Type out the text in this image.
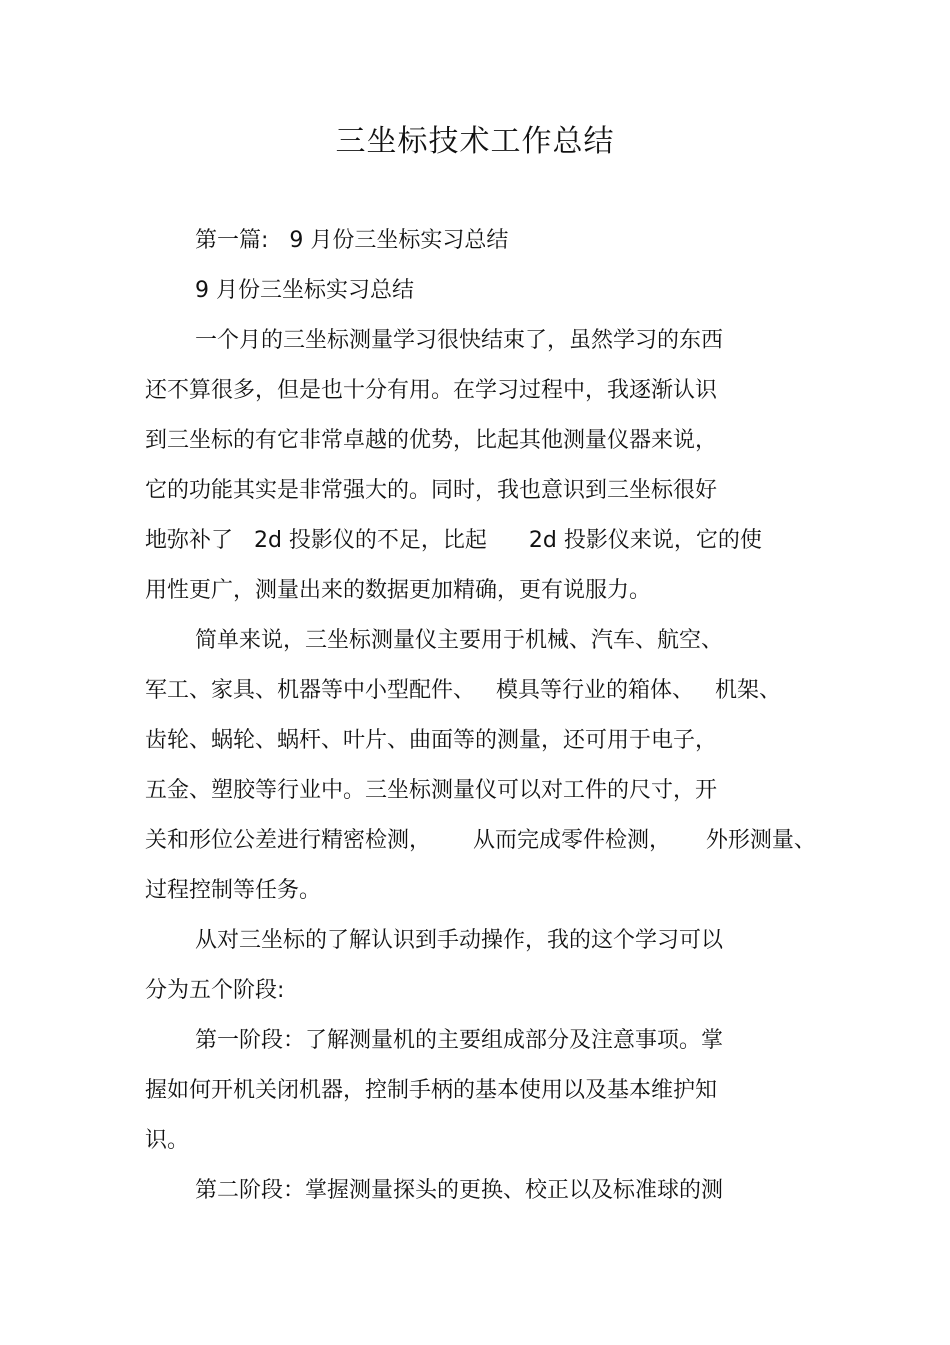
三坐标技术工作总结
第一篇:   9 月份三坐标实习总结
9 月份三坐标实习总结
一个月的三坐标测量学习很快结束了，虽然学习的东西
还不算很多，但是也十分有用。在学习过程中，我逐渐认识
到三坐标的有它非常卓越的优势，比起其他测量仪器来说，
它的功能其实是非常强大的。同时，我也意识到三坐标很好
地弥补了   2d 投影仪的不足，比起      2d 投影仪来说，它的使
用性更广，测量出来的数据更加精确，更有说服力。
简单来说，三坐标测量仪主要用于机械、汽车、航空、
军工、家具、机器等中小型配件、   模具等行业的箱体、   机架、
齿轮、蜗轮、蜗杆、叶片、曲面等的测量，还可用于电子，
五金、塑胶等行业中。三坐标测量仪可以对工件的尺寸，开
关和形位公差进行精密检测，      从而完成零件检测，     外形测量、
过程控制等任务。
从对三坐标的了解认识到手动操作，我的这个学习可以
分为五个阶段:
第一阶段：了解测量机的主要组成部分及注意事项。掌
握如何开机关闭机器，控制手柄的基本使用以及基本维护知
识。
第二阶段：掌握测量探头的更换、校正以及标准球的测
